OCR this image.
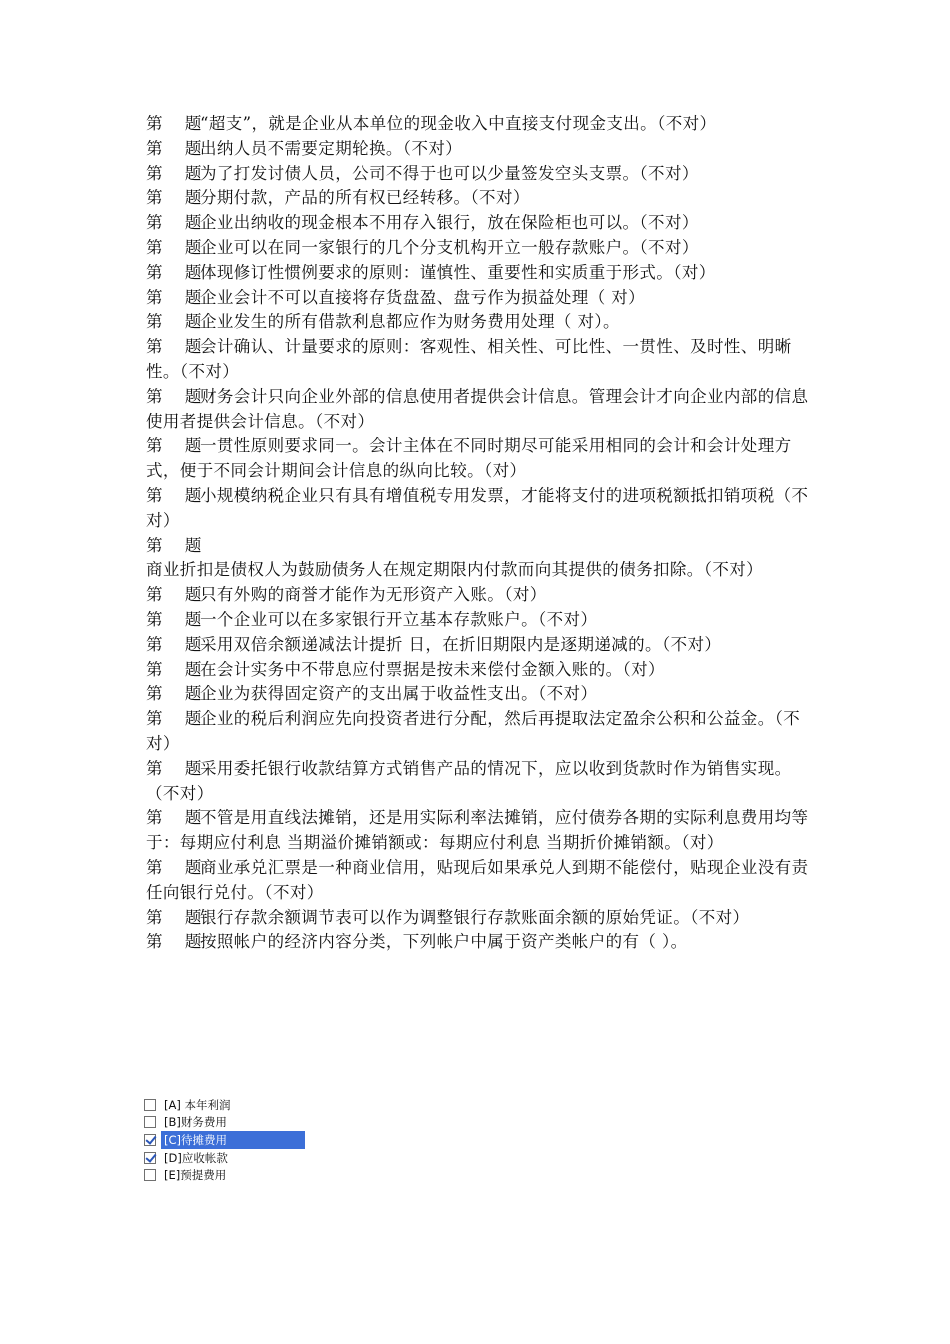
第 题“超支”，就是企业从本单位的现金收入中直接支付现金支出。（不对）
第 题出纳人员不需要定期轮换。（不对）
第 题为了打发讨债人员，公司不得于也可以少量签发空头支票。（不对）
第 题分期付款，产品的所有权已经转移。（不对）
第 题企业出纳收的现金根本不用存入银行，放在保险柜也可以。（不对）
第 题企业可以在同一家银行的几个分支机构开立一般存款账户。（不对）
第 题体现修订性惯例要求的原则：谨慎性、重要性和实质重于形式。（对）
第 题企业会计不可以直接将存货盘盈、盘亏作为损益处理（ 对）
第 题企业发生的所有借款利息都应作为财务费用处理（ 对）。
第 题会计确认、计量要求的原则：客观性、相关性、可比性、一贯性、及时性、明晰性。（不对）
第 题财务会计只向企业外部的信息使用者提供会计信息。管理会计才向企业内部的信息使用者提供会计信息。（不对）
第 题一贯性原则要求同一。会计主体在不同时期尽可能采用相同的会计和会计处理方式，便于不同会计期间会计信息的纵向比较。（对）
第 题小规模纳税企业只有具有增值税专用发票，才能将支付的进项税额抵扣销项税（不对）
第 题商业折扣是债权人为鼓励债务人在规定期限内付款而向其提供的债务扣除。（不对）
第 题只有外购的商誉才能作为无形资产入账。（对）
第 题一个企业可以在多家银行开立基本存款账户。（不对）
第 题采用双倍余额递减法计提折 日，在折旧期限内是逐期递减的。（不对）
第 题在会计实务中不带息应付票据是按未来偿付金额入账的。（对）
第 题企业为获得固定资产的支出属于收益性支出。（不对）
第 题企业的税后利润应先向投资者进行分配，然后再提取法定盈余公积和公益金。（不对）
第 题采用委托银行收款结算方式销售产品的情况下，应以收到货款时作为销售实现。（不对）
第 题不管是用直线法摊销，还是用实际利率法摊销，应付债券各期的实际利息费用均等于：每期应付利息 当期溢价摊销额或：每期应付利息 当期折价摊销额。（对）
第 题商业承兑汇票是一种商业信用，贴现后如果承兑人到期不能偿付，贴现企业没有责任向银行兑付。（不对）
第 题银行存款余额调节表可以作为调整银行存款账面余额的原始凭证。（不对）
第 题按照帐户的经济内容分类，下列帐户中属于资产类帐户的有（ ）。
[A] 本年利润
[B]财务费用
[C]待摊费用
[D]应收帐款
[E]预提费用
